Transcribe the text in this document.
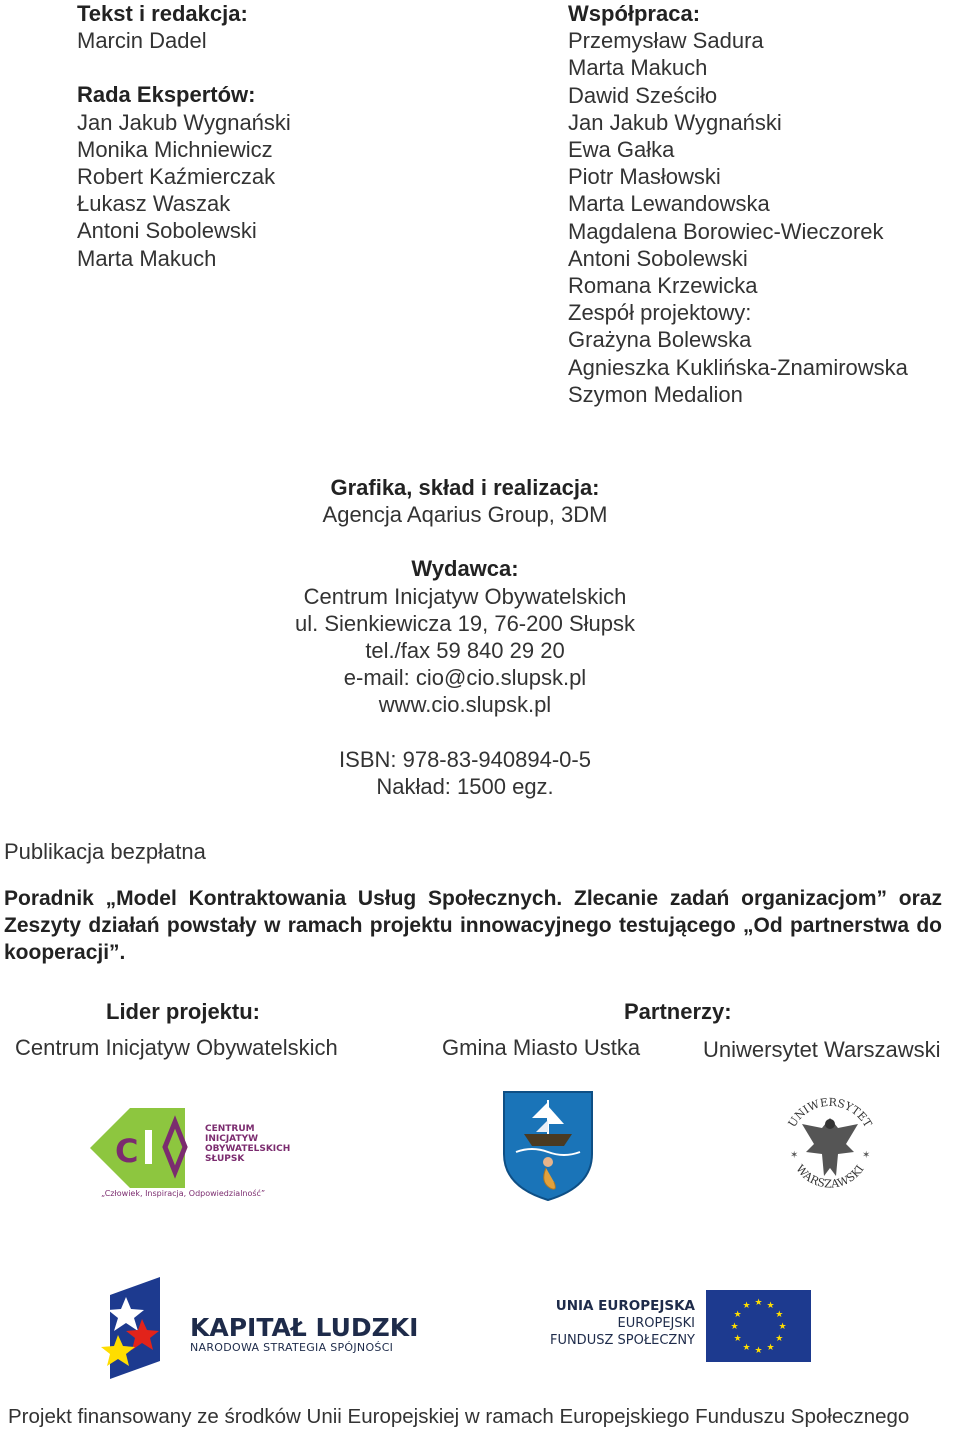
Tekst i redakcja:
Marcin Dadel
Rada Ekspertów:
Jan Jakub Wygnański
Monika Michniewicz
Robert Kaźmierczak
Łukasz Waszak
Antoni Sobolewski
Marta Makuch
Współpraca:
Przemysław Sadura
Marta Makuch
Dawid Sześciło
Jan Jakub Wygnański
Ewa Gałka
Piotr Masłowski
Marta Lewandowska
Magdalena Borowiec-Wieczorek
Antoni Sobolewski
Romana Krzewicka
Zespół projektowy:
Grażyna Bolewska
Agnieszka Kuklińska-Znamirowska
Szymon Medalion
Grafika, skład i realizacja:
Agencja Aqarius Group, 3DM
Wydawca:
Centrum Inicjatyw Obywatelskich
ul. Sienkiewicza 19, 76-200 Słupsk
tel./fax 59 840 29 20
e-mail: cio@cio.slupsk.pl
www.cio.slupsk.pl
ISBN: 978-83-940894-0-5
Nakład: 1500 egz.
Publikacja bezpłatna
Poradnik „Model Kontraktowania Usług Społecznych. Zlecanie zadań organizacjom” oraz Zeszyty działań powstały w ramach projektu innowacyjnego testującego „Od partnerstwa do kooperacji”.
Lider projektu:
Centrum Inicjatyw Obywatelskich
Partnerzy:
Gmina Miasto Ustka	Uniwersytet Warszawski
C
CENTRUM
INICJATYW
OBYWATELSKICH
SŁUPSK
„Człowiek, Inspiracja, Odpowiedzialność”
UNIWERSYTET
WARSZAWSKI
✶	✶
KAPITAŁ LUDZKI
NARODOWA STRATEGIA SPÓJNOŚCI
UNIA EUROPEJSKA
EUROPEJSKI
FUNDUSZ SPOŁECZNY
★
★
★
★
★
★
★
★
★ ★ ★
★
Projekt finansowany ze środków Unii Europejskiej w ramach Europejskiego Funduszu Społecznego
